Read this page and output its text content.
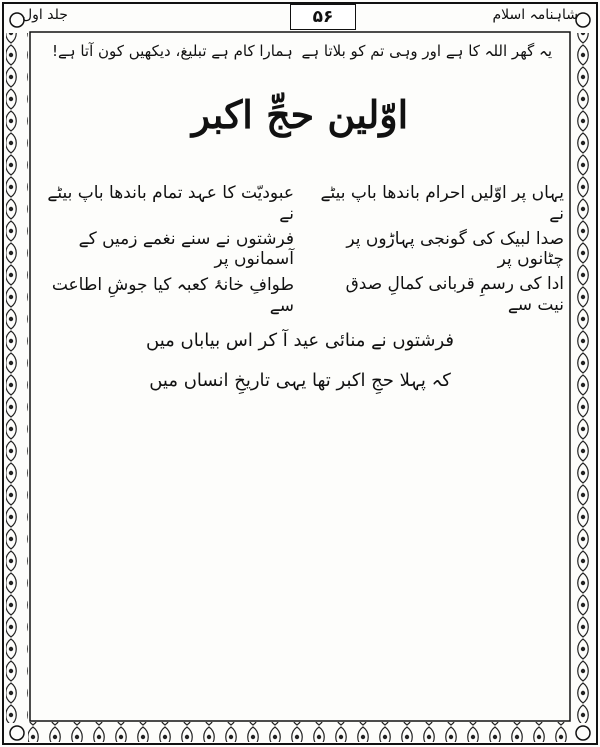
جلد اول	۵۶	شاہنامہ اسلام
یہ گھر اللہ کا ہے اور وہی تم کو بلاتا ہے
ہمارا کام ہے تبلیغ، دیکھیں کون آتا ہے!
اوّلین حجِّ اکبر
یہاں پر اوّلیں احرام باندھا باپ بیٹے نے
عبودیّت کا عہد تمام باندھا باپ بیٹے نے
صدا لبیک کی گونجی پہاڑوں پر چٹانوں پر
فرشتوں نے سنے نغمے زمیں کے آسمانوں پر
ادا کی رسمِ قربانی کمالِ صدق نیت سے
طوافِ خانۂ کعبہ کیا جوشِ اطاعت سے
فرشتوں نے منائی عید آ کر اس بیاباں میں
کہ پہلا حجِ اکبر تھا یہی تاریخِ انساں میں
